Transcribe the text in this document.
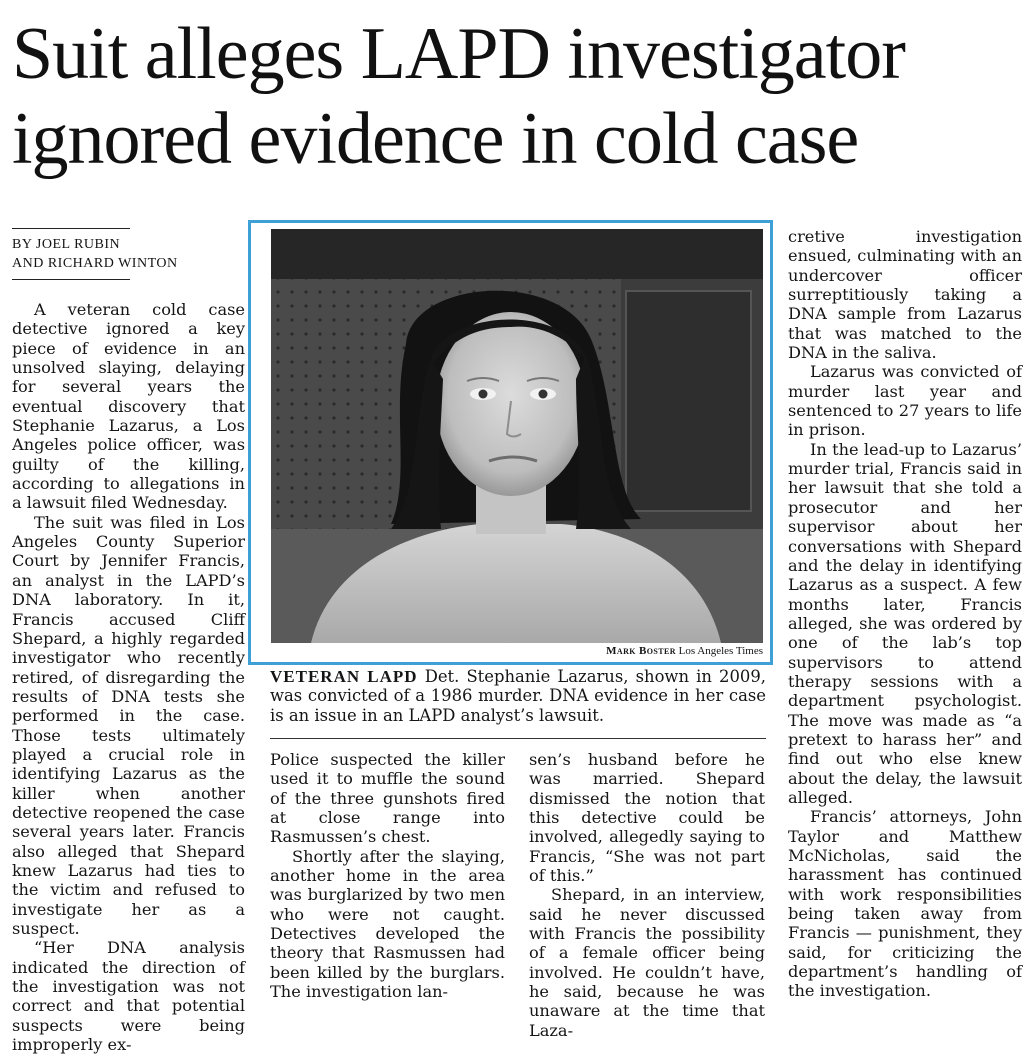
Suit alleges LAPD investigator ignored evidence in cold case
BY JOEL RUBIN
AND RICHARD WINTON

A veteran cold case detective ignored a key piece of evidence in an unsolved slaying, delaying for several years the eventual discovery that Stephanie Lazarus, a Los Angeles police officer, was guilty of the killing, according to allegations in a lawsuit filed Wednesday.

The suit was filed in Los Angeles County Superior Court by Jennifer Francis, an analyst in the LAPD’s DNA laboratory. In it, Francis accused Cliff Shepard, a highly regarded investigator who recently retired, of disregarding the results of DNA tests she performed in the case. Those tests ultimately played a crucial role in identifying Lazarus as the killer when another detective reopened the case several years later. Francis also alleged that Shepard knew Lazarus had ties to the victim and refused to investigate her as a suspect.

“Her DNA analysis indicated the direction of the investigation was not correct and that potential suspects were being improperly ex-

Mark Boster Los Angeles Times
VETERAN LAPD Det. Stephanie Lazarus, shown in 2009, was convicted of a 1986 murder. DNA evidence in her case is an issue in an LAPD analyst’s lawsuit.

Police suspected the killer used it to muffle the sound of the three gunshots fired at close range into Rasmussen’s chest.

Shortly after the slaying, another home in the area was burglarized by two men who were not caught. Detectives developed the theory that Rasmussen had been killed by the burglars. The investigation lan-

sen’s husband before he was married. Shepard dismissed the notion that this detective could be involved, allegedly saying to Francis, “She was not part of this.”

Shepard, in an interview, said he never discussed with Francis the possibility of a female officer being involved. He couldn’t have, he said, because he was unaware at the time that Laza-

cretive investigation ensued, culminating with an undercover officer surreptitiously taking a DNA sample from Lazarus that was matched to the DNA in the saliva.

Lazarus was convicted of murder last year and sentenced to 27 years to life in prison.

In the lead-up to Lazarus’ murder trial, Francis said in her lawsuit that she told a prosecutor and her supervisor about her conversations with Shepard and the delay in identifying Lazarus as a suspect. A few months later, Francis alleged, she was ordered by one of the lab’s top supervisors to attend therapy sessions with a department psychologist. The move was made as “a pretext to harass her” and find out who else knew about the delay, the lawsuit alleged.

Francis’ attorneys, John Taylor and Matthew McNicholas, said the harassment has continued with work responsibilities being taken away from Francis — punishment, they said, for criticizing the department’s handling of the investigation.
